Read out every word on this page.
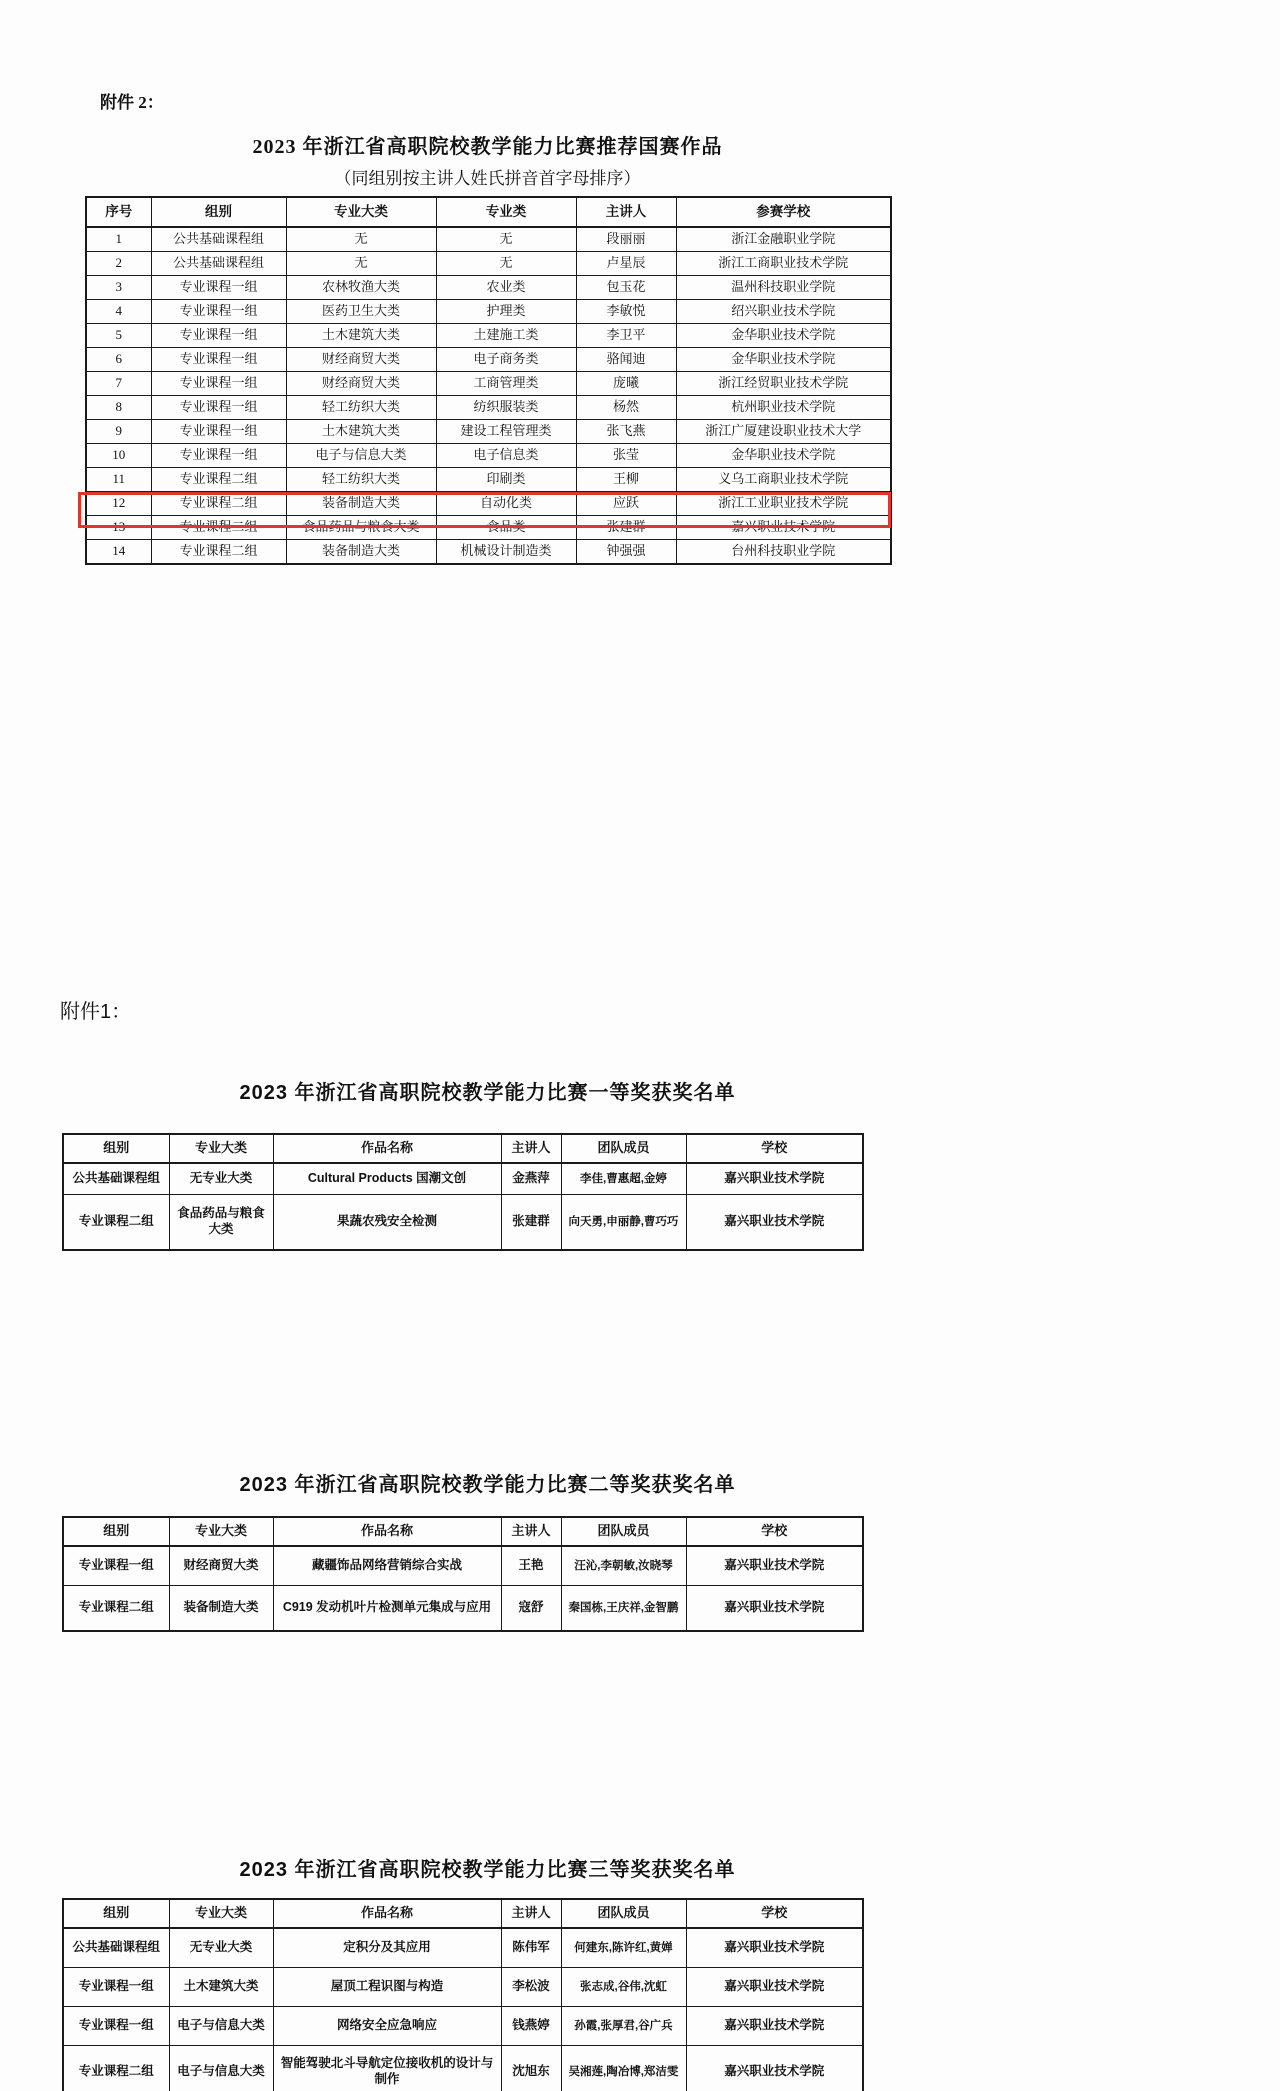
附件 2：
2023 年浙江省高职院校教学能力比赛推荐国赛作品
（同组别按主讲人姓氏拼音首字母排序）
序号	组别	专业大类	专业类	主讲人	参赛学校
1	公共基础课程组	无	无	段丽丽	浙江金融职业学院
2	公共基础课程组	无	无	卢星辰	浙江工商职业技术学院
3	专业课程一组	农林牧渔大类	农业类	包玉花	温州科技职业学院
4	专业课程一组	医药卫生大类	护理类	李敏悦	绍兴职业技术学院
5	专业课程一组	土木建筑大类	土建施工类	李卫平	金华职业技术学院
6	专业课程一组	财经商贸大类	电子商务类	骆闻迪	金华职业技术学院
7	专业课程一组	财经商贸大类	工商管理类	庞曦	浙江经贸职业技术学院
8	专业课程一组	轻工纺织大类	纺织服装类	杨然	杭州职业技术学院
9	专业课程一组	土木建筑大类	建设工程管理类	张飞燕	浙江广厦建设职业技术大学
10	专业课程一组	电子与信息大类	电子信息类	张莹	金华职业技术学院
11	专业课程二组	轻工纺织大类	印刷类	王柳	义乌工商职业技术学院
12	专业课程二组	装备制造大类	自动化类	应跃	浙江工业职业技术学院
13	专业课程二组	食品药品与粮食大类	食品类	张建群	嘉兴职业技术学院
14	专业课程二组	装备制造大类	机械设计制造类	钟强强	台州科技职业学院
附件1：
2023 年浙江省高职院校教学能力比赛一等奖获奖名单
组别	专业大类	作品名称	主讲人	团队成员	学校
公共基础课程组	无专业大类	Cultural Products 国潮文创	金燕萍	李佳,曹惠超,金婷	嘉兴职业技术学院
专业课程二组	食品药品与粮食大类	果蔬农残安全检测	张建群	向天勇,申丽静,曹巧巧	嘉兴职业技术学院
2023 年浙江省高职院校教学能力比赛二等奖获奖名单
组别	专业大类	作品名称	主讲人	团队成员	学校
专业课程一组	财经商贸大类	藏疆饰品网络营销综合实战	王艳	汪沁,李朝敏,汝晓琴	嘉兴职业技术学院
专业课程二组	装备制造大类	C919 发动机叶片检测单元集成与应用	寇舒	秦国栋,王庆祥,金智鹏	嘉兴职业技术学院
2023 年浙江省高职院校教学能力比赛三等奖获奖名单
组别	专业大类	作品名称	主讲人	团队成员	学校
公共基础课程组	无专业大类	定积分及其应用	陈伟军	何建东,陈许红,黄婵	嘉兴职业技术学院
专业课程一组	土木建筑大类	屋顶工程识图与构造	李松波	张志成,谷伟,沈虹	嘉兴职业技术学院
专业课程一组	电子与信息大类	网络安全应急响应	钱燕婷	孙霞,张厚君,谷广兵	嘉兴职业技术学院
专业课程二组	电子与信息大类	智能驾驶北斗导航定位接收机的设计与制作	沈旭东	吴湘莲,陶冶博,郑洁雯	嘉兴职业技术学院
